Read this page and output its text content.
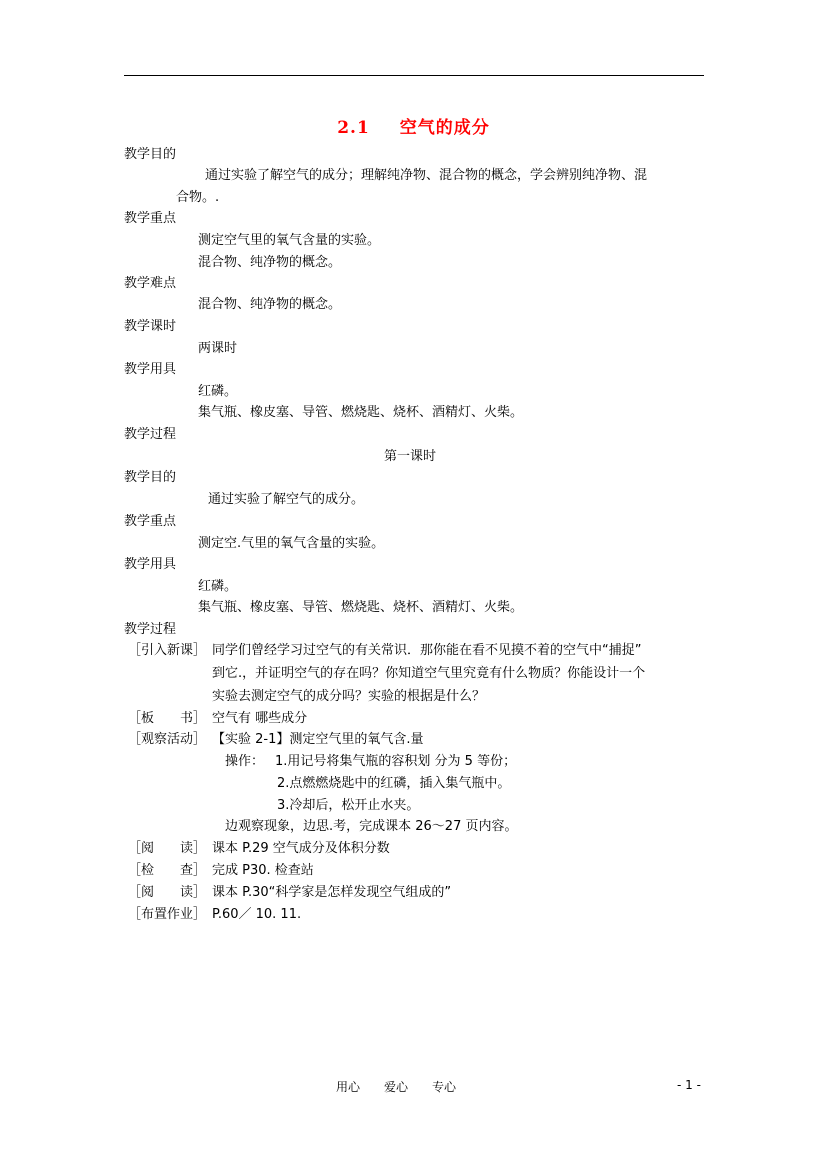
2.1 空气的成分
教学目的
通过实验了解空气的成分；理解纯净物、混合物的概念，学会辨别纯净物、混
合物。.
教学重点
测定空气里的氧气含量的实验。
混合物、纯净物的概念。
教学难点
混合物、纯净物的概念。
教学课时
两课时
教学用具
红磷。
集气瓶、橡皮塞、导管、燃烧匙、烧杯、酒精灯、火柴。
教学过程
第一课时
教学目的
通过实验了解空气的成分。
教学重点
测定空.气里的氧气含量的实验。
教学用具
红磷。
集气瓶、橡皮塞、导管、燃烧匙、烧杯、酒精灯、火柴。
教学过程
［引入新课］ 同学们曾经学习过空气的有关常识．那你能在看不见摸不着的空气中“捕捉”
到它.，并证明空气的存在吗？你知道空气里究竟有什么物质？你能设计一个
实验去测定空气的成分吗？实验的根据是什么？
［板　　书］ 空气有 哪些成分
［观察活动］ 【实验 2-1】测定空气里的氧气含.量
操作： 1.用记号将集气瓶的容积划 分为 5 等份；
2.点燃燃烧匙中的红磷，插入集气瓶中。
3.冷却后，松开止水夹。
边观察现象，边思.考，完成课本 26～27 页内容。
［阅　　读］ 课本 P.29 空气成分及体积分数
［检　　查］ 完成 P30. 检查站
［阅　　读］ 课本 P.30“科学家是怎样发现空气组成的”
［布置作业］ P.60／ 10. 11.
用心　　爱心　　专心	- 1 -
